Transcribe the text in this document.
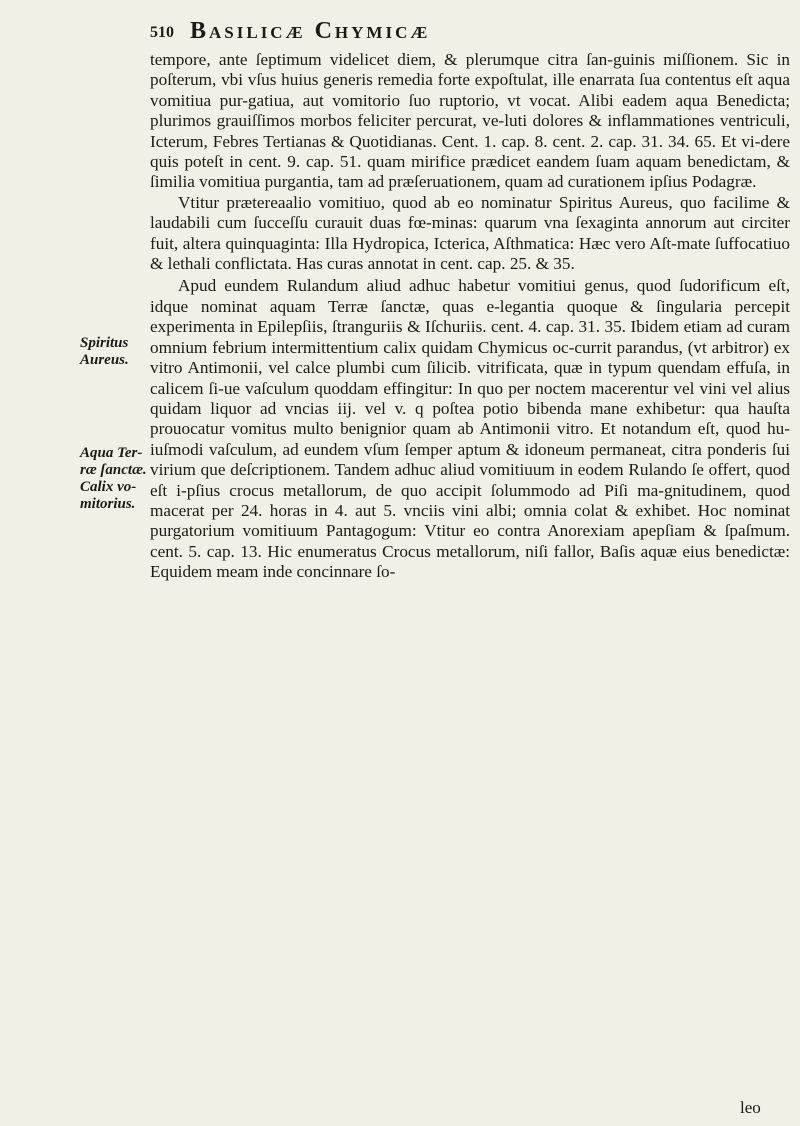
510 Basilicæ Chymicæ
Spiritus Aureus.
Aqua Ter- ræ ſanctæ. Calix vo- mitorius.

tempore, ante ſeptimum videlicet diem, & plerumque citra ſan-guinis miſſionem. Sic in poſterum, vbi vſus huius generis remedia forte expoſtulat, ille enarrata ſua contentus eſt aqua vomitiua pur-gatiua, aut vomitorio ſuo ruptorio, vt vocat. Alibi eadem aqua Benedicta; plurimos grauiſſimos morbos feliciter percurat, ve-luti dolores & inflammationes ventriculi, Icterum, Febres Tertianas & Quotidianas. Cent. 1. cap. 8. cent. 2. cap. 31. 34. 65. Et vi-dere quis poteſt in cent. 9. cap. 51. quam mirifice prædicet eandem ſuam aquam benedictam, & ſimilia vomitiua purgantia, tam ad præſeruationem, quam ad curationem ipſius Podagræ.

Vtitur prætereaalio vomitiuo, quod ab eo nominatur Spiritus Aureus, quo facilime & laudabili cum ſucceſſu curauit duas fœ-minas: quarum vna ſexaginta annorum aut circiter fuit, altera quinquaginta: Illa Hydropica, Icterica, Aſthmatica: Hæc vero Aſt-mate ſuffocatiuo & lethali conflictata. Has curas annotat in cent. cap. 25. & 35.

Apud eundem Rulandum aliud adhuc habetur vomitiui genus, quod ſudorificum eſt, idque nominat aquam Terræ ſanctæ, quas e-legantia quoque & ſingularia percepit experimenta in Epilepſiis, ſtranguriis & Iſchuriis. cent. 4. cap. 31. 35. Ibidem etiam ad curam omnium febrium intermittentium calix quidam Chymicus oc-currit parandus, (vt arbitror) ex vitro Antimonii, vel calce plumbi cum ſilicib. vitrificata, quæ in typum quendam effuſa, in calicem ſi-ue vaſculum quoddam effingitur: In quo per noctem macerentur vel vini vel alius quidam liquor ad vncias iij. vel v. q poſtea potio bibenda mane exhibetur: qua hauſta prouocatur vomitus multo benignior quam ab Antimonii vitro. Et notandum eſt, quod hu-iuſmodi vaſculum, ad eundem vſum ſemper aptum & idoneum permaneat, citra ponderis ſui virium que deſcriptionem. Tandem adhuc aliud vomitiuum in eodem Rulando ſe offert, quod eſt i-pſius crocus metallorum, de quo accipit ſolummodo ad Piſi ma-gnitudinem, quod macerat per 24. horas in 4. aut 5. vnciis vini albi; omnia colat & exhibet. Hoc nominat purgatorium vomitiuum Pantagogum: Vtitur eo contra Anorexiam apepſiam & ſpaſmum. cent. 5. cap. 13. Hic enumeratus Crocus metallorum, niſi fallor, Baſis aquæ eius benedictæ: Equidem meam inde concinnare ſo-

leo
